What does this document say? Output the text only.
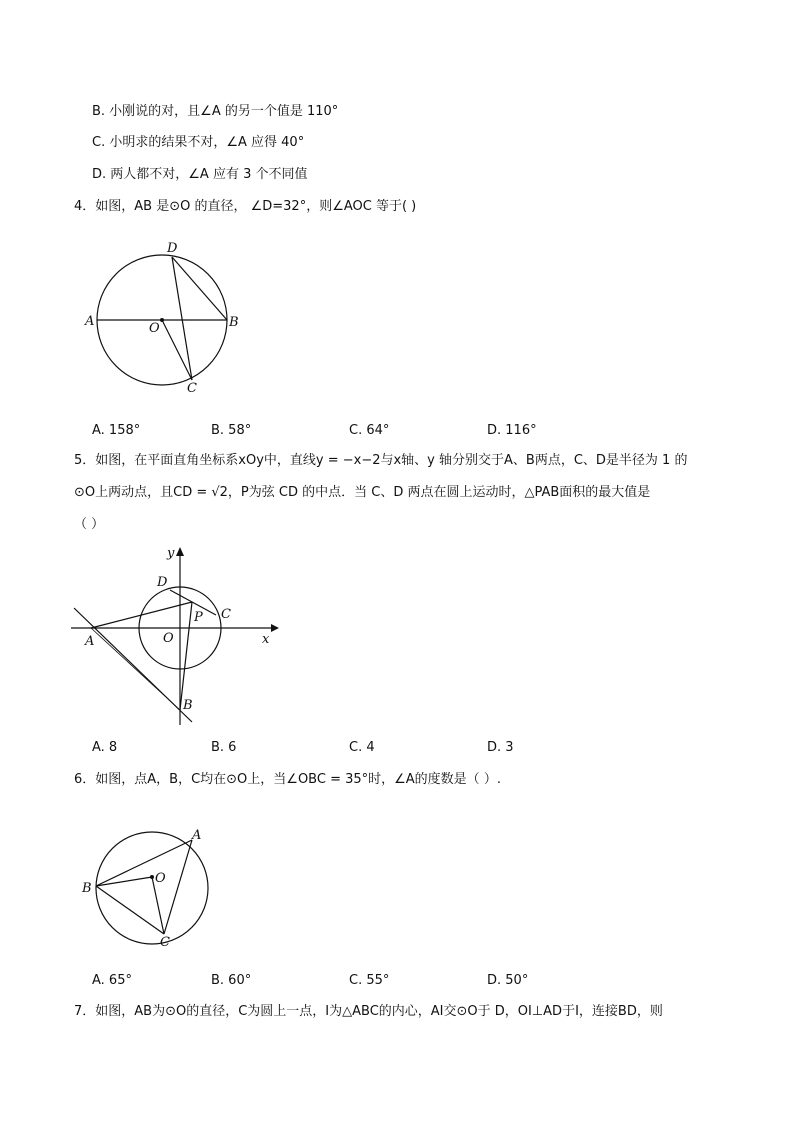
B. 小刚说的对，且∠A 的另一个值是 110°
C. 小明求的结果不对，∠A 应得 40°
D. 两人都不对，∠A 应有 3 个不同值
4．如图，AB 是⊙O 的直径， ∠D=32°，则∠AOC 等于( )
D
A	B
O
C
A. 158°	B. 58°	C. 64°	D. 116°
5．如图，在平面直角坐标系xOy中，直线y = −x−2与x轴、y 轴分别交于A、B两点，C、D是半径为 1 的
⊙O上两动点，且CD = √2，P为弦 CD 的中点．当 C、D 两点在圆上运动时，△PAB面积的最大值是
（ ）
y
D
P C
A	O	x
B
A. 8	B. 6	C. 4	D. 3
6．如图，点A，B，C均在⊙O上，当∠OBC = 35°时，∠A的度数是（ ）.
A
B
O
C
A. 65°	B. 60°	C. 55°	D. 50°
7．如图，AB为⊙O的直径，C为圆上一点，I为△ABC的内心，AI交⊙O于 D，OI⊥AD于I，连接BD，则
